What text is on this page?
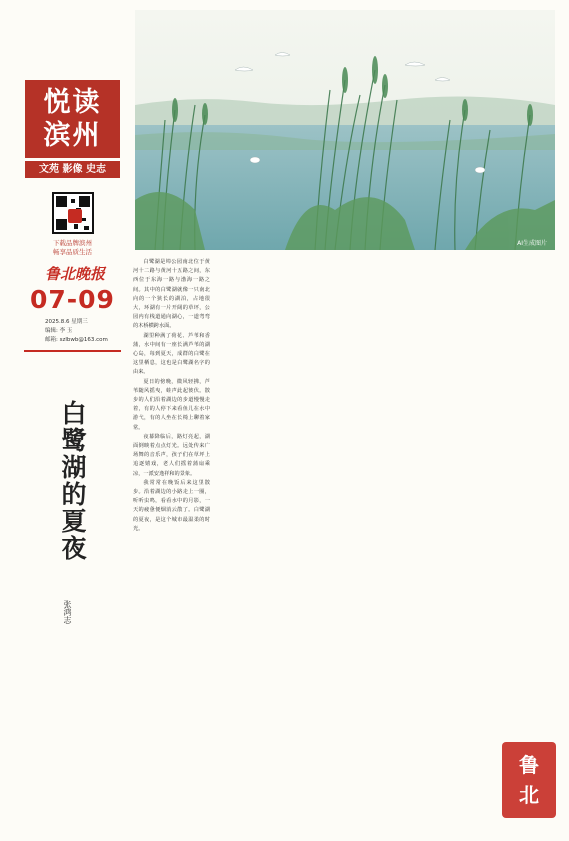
悦读
滨州
文苑 影像 史志
下载品牌滨州
畅享品质生活
鲁北晚报
07-09
2025.8.6 星期三
编辑: 李 玉
邮箱: szlbwb@163.com
白鹭湖的夏夜
张鸿志
AI生成图片

白鹭湖是埠公园南北位于黄河十二路与黄河十五路之间，东西位于东海一路与渤海一路之间。其中的白鹭湖就像一只南北向的一个狭长的湖泊，占地很大，环湖有一片开阔的草坪，公园内有栈道通向湖心，一道弯弯的木桥横跨水面。

湖里种满了荷花、芦苇和香蒲，水中间有一座长满芦苇的湖心岛，每到夏天，成群的白鹭在这里栖息，这也是白鹭湖名字的由来。

夏日的傍晚，微风轻拂，芦苇随风摇曳，蛙声此起彼伏。散步的人们沿着湖边的步道慢慢走着，有的人停下来看鱼儿在水中游弋，有的人坐在长椅上聊着家常。

夜幕降临后，路灯亮起，湖面倒映着点点灯光。远处传来广场舞的音乐声，孩子们在草坪上追逐嬉戏，老人们摇着蒲扇乘凉，一派安逸祥和的景象。

我常常在晚饭后来这里散步。沿着湖边的小路走上一圈，听听虫鸣，看看水中的月影，一天的疲惫便烟消云散了。白鹭湖的夏夜，是这个城市最温柔的时光。

鲁
北
